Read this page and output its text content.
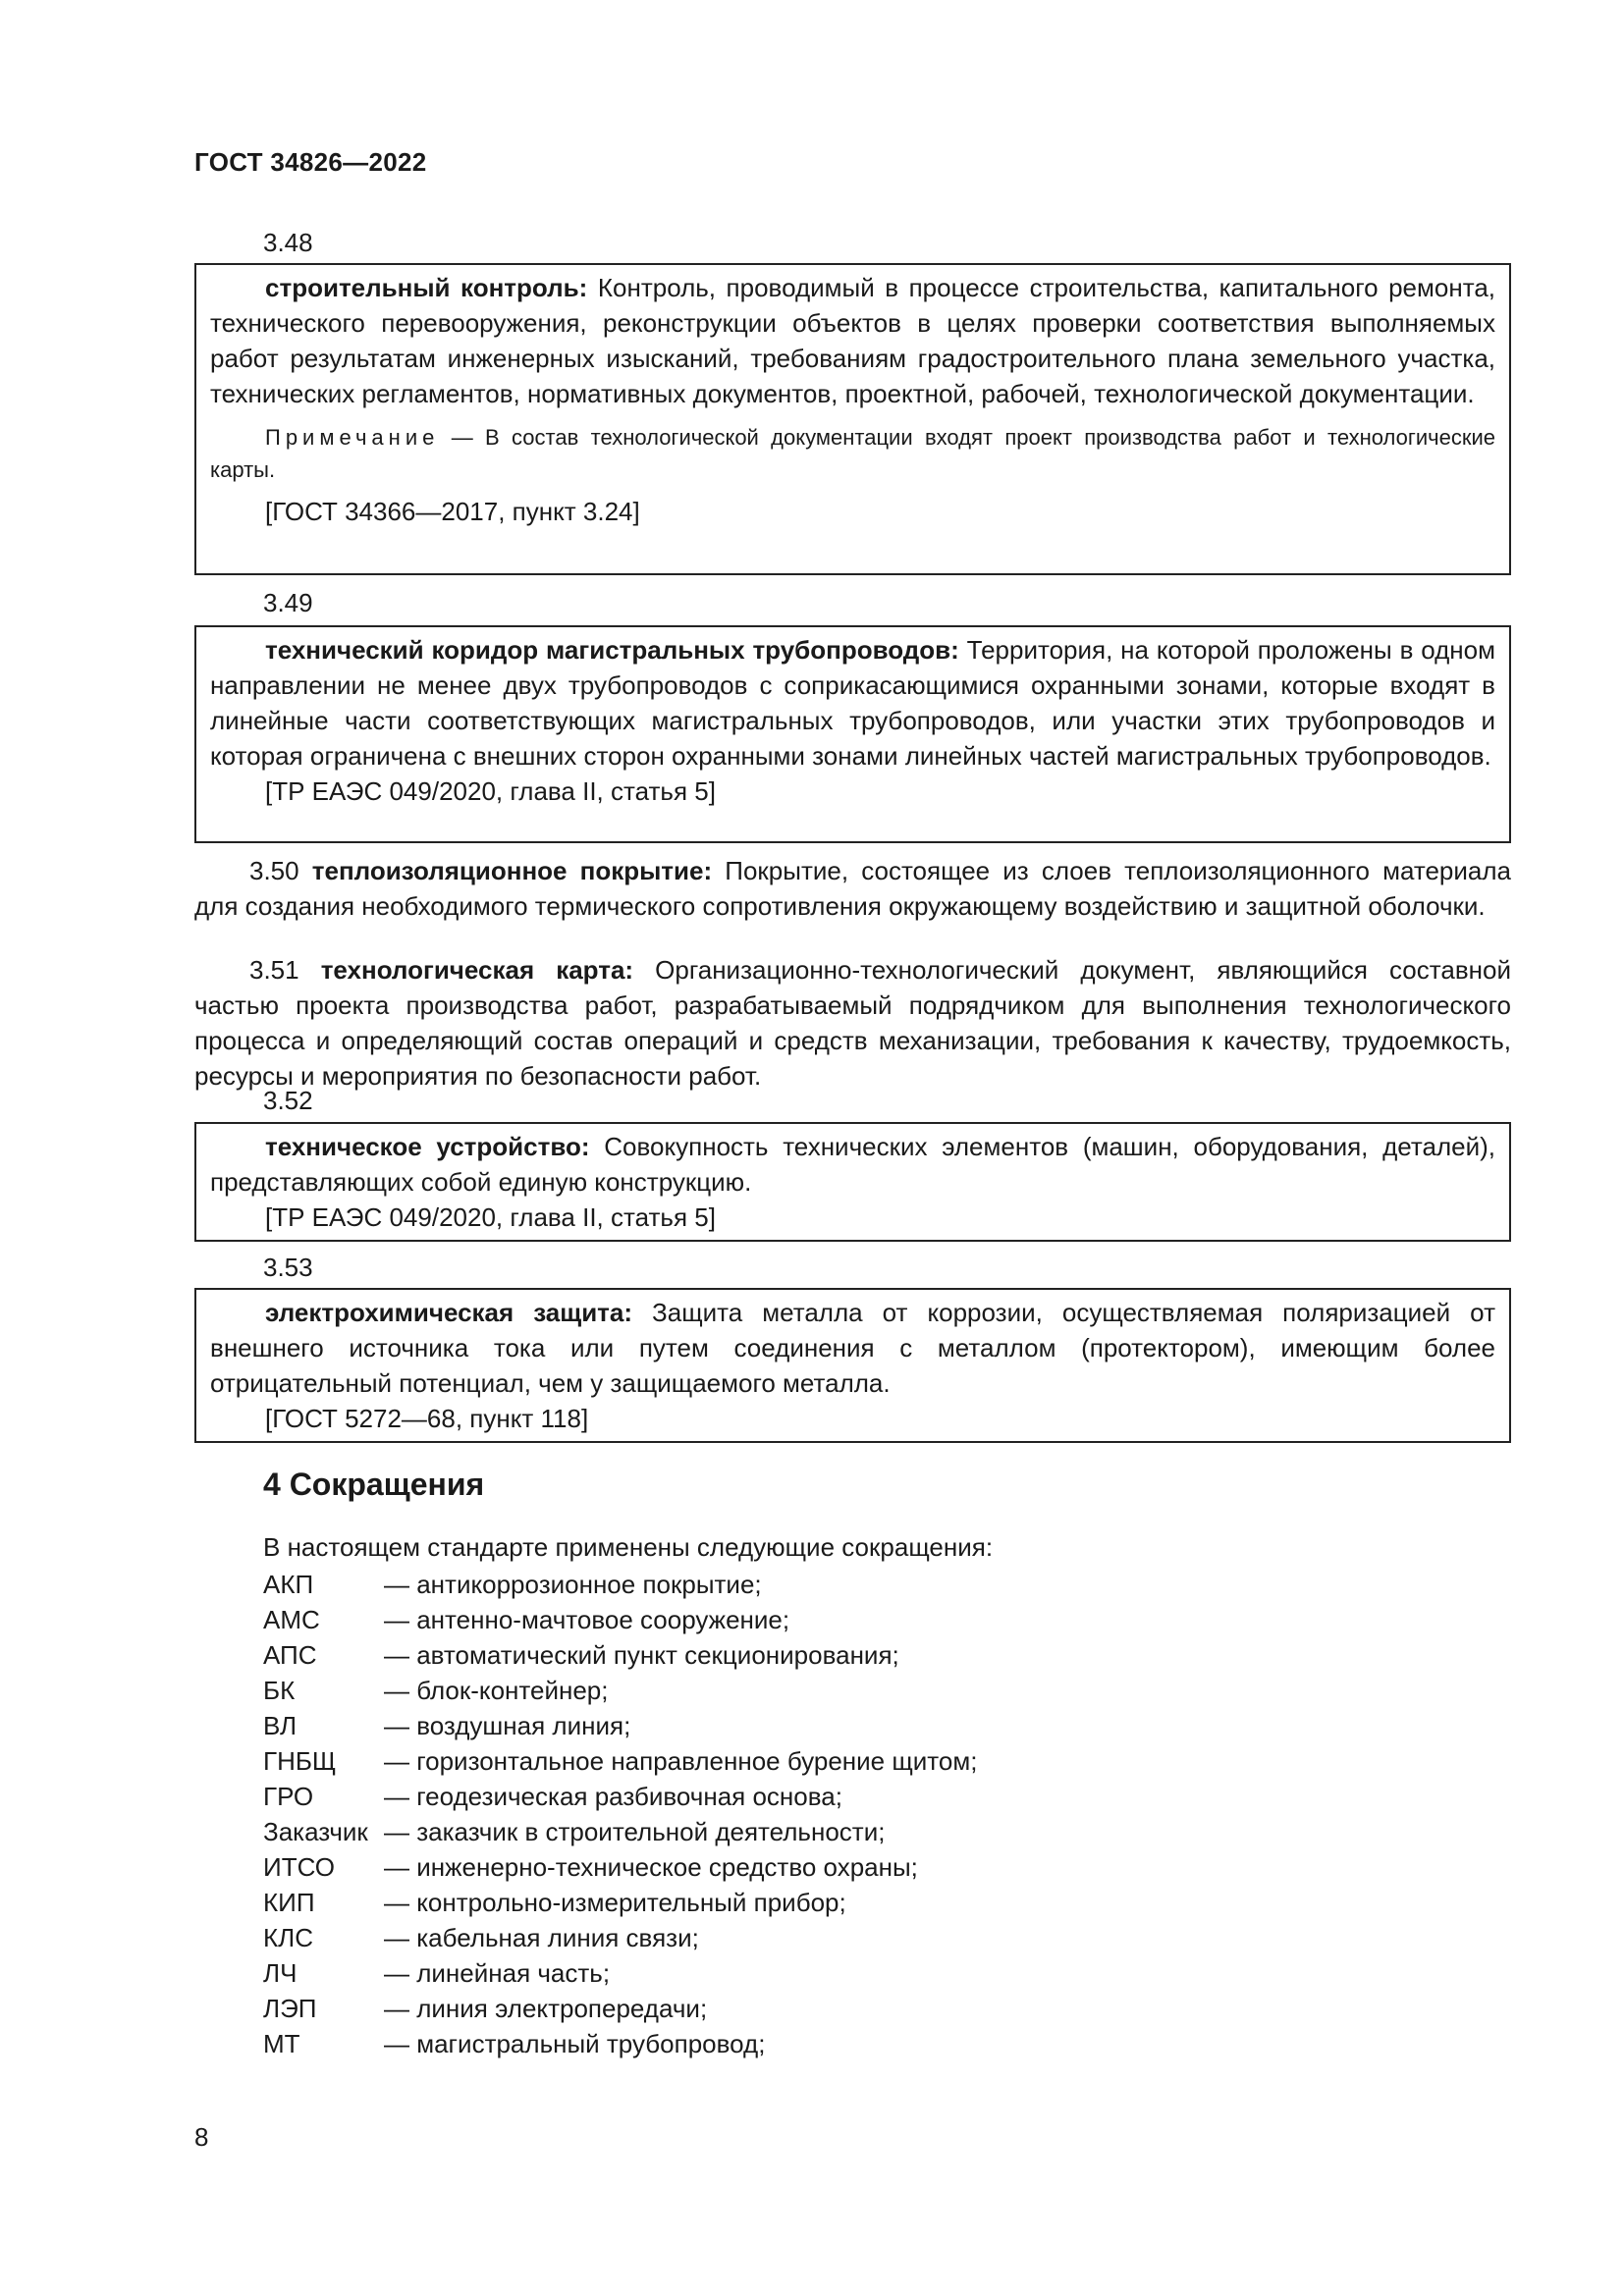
ГОСТ 34826—2022
3.48

строительный контроль: Контроль, проводимый в процессе строительства, капитального ремонта, технического перевооружения, реконструкции объектов в целях проверки соответствия выполняемых работ результатам инженерных изысканий, требованиям градостроительного плана земельного участка, технических регламентов, нормативных документов, проектной, рабочей, технологической документации.

Примечание — В состав технологической документации входят проект производства работ и технологические карты.

[ГОСТ 34366—2017, пункт 3.24]

3.49

технический коридор магистральных трубопроводов: Территория, на которой проложены в одном направлении не менее двух трубопроводов с соприкасающимися охранными зонами, которые входят в линейные части соответствующих магистральных трубопроводов, или участки этих трубопроводов и которая ограничена с внешних сторон охранными зонами линейных частей магистральных трубопроводов.

[ТР ЕАЭС 049/2020, глава II, статья 5]

3.50 теплоизоляционное покрытие: Покрытие, состоящее из слоев теплоизоляционного материала для создания необходимого термического сопротивления окружающему воздействию и защитной оболочки.

3.51 технологическая карта: Организационно-технологический документ, являющийся составной частью проекта производства работ, разрабатываемый подрядчиком для выполнения технологического процесса и определяющий состав операций и средств механизации, требования к качеству, трудоемкость, ресурсы и мероприятия по безопасности работ.

3.52

техническое устройство: Совокупность технических элементов (машин, оборудования, деталей), представляющих собой единую конструкцию.

[ТР ЕАЭС 049/2020, глава II, статья 5]

3.53

электрохимическая защита: Защита металла от коррозии, осуществляемая поляризацией от внешнего источника тока или путем соединения с металлом (протектором), имеющим более отрицательный потенциал, чем у защищаемого металла.

[ГОСТ 5272—68, пункт 118]

4 Сокращения
В настоящем стандарте применены следующие сокращения:
АКП	— антикоррозионное покрытие;
АМС	— антенно-мачтовое сооружение;
АПС	— автоматический пункт секционирования;
БК	— блок-контейнер;
ВЛ	— воздушная линия;
ГНБЩ — горизонтальное направленное бурение щитом;
ГРО	— геодезическая разбивочная основа;
Заказчик — заказчик в строительной деятельности;
ИТСО — инженерно-техническое средство охраны;
КИП	— контрольно-измерительный прибор;
КЛС	— кабельная линия связи;
ЛЧ	— линейная часть;
ЛЭП	— линия электропередачи;
МТ	— магистральный трубопровод;
8
